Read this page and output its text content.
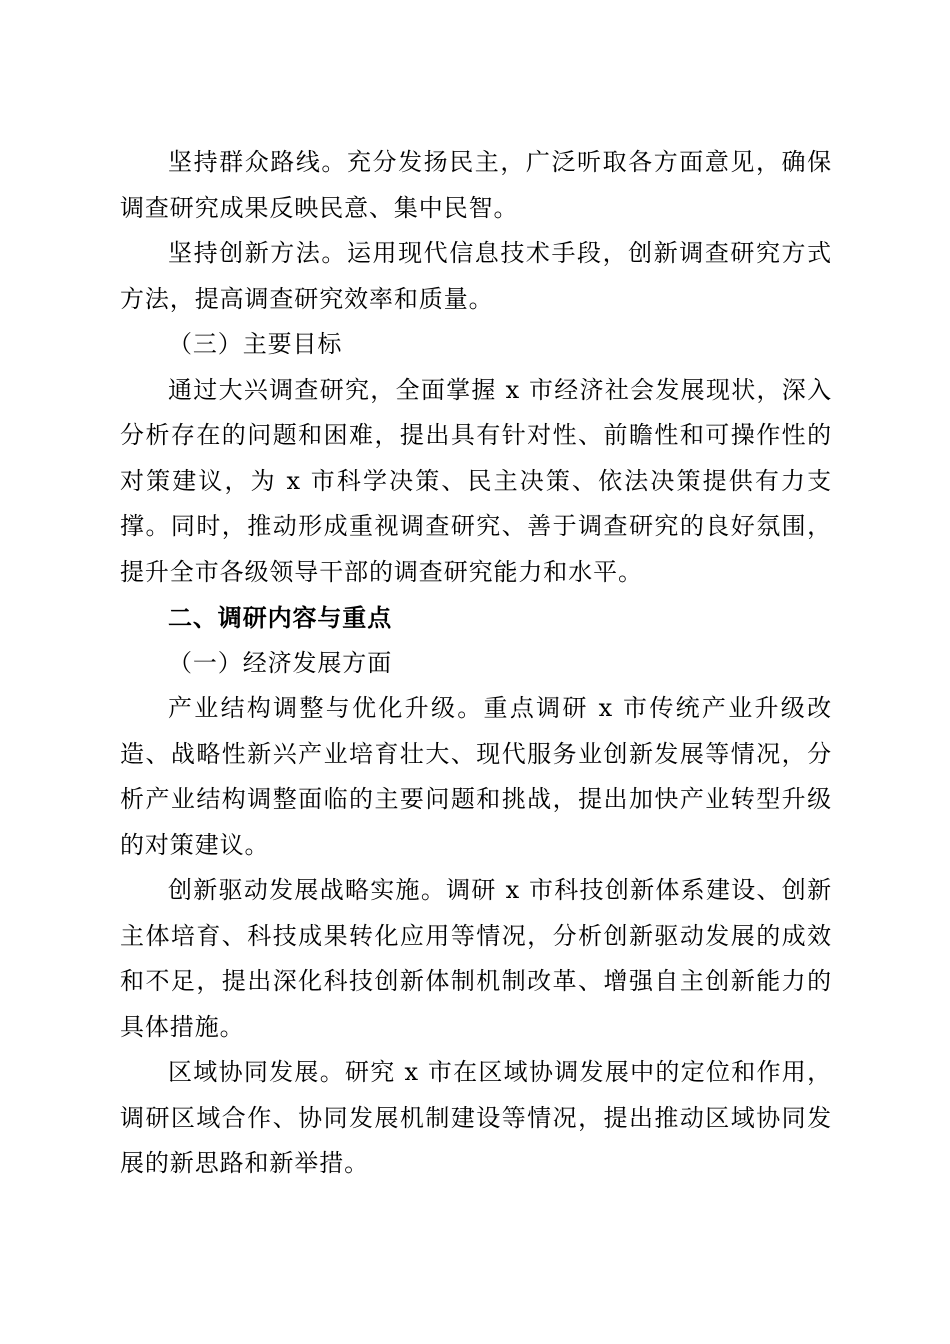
坚持群众路线。充分发扬民主，广泛听取各方面意见，确保调查研究成果反映民意、集中民智。

坚持创新方法。运用现代信息技术手段，创新调查研究方式方法，提高调查研究效率和质量。

（三）主要目标

通过大兴调查研究，全面掌握 x 市经济社会发展现状，深入分析存在的问题和困难，提出具有针对性、前瞻性和可操作性的对策建议，为 x 市科学决策、民主决策、依法决策提供有力支撑。同时，推动形成重视调查研究、善于调查研究的良好氛围，提升全市各级领导干部的调查研究能力和水平。

二、调研内容与重点

（一）经济发展方面

产业结构调整与优化升级。重点调研 x 市传统产业升级改造、战略性新兴产业培育壮大、现代服务业创新发展等情况，分析产业结构调整面临的主要问题和挑战，提出加快产业转型升级的对策建议。

创新驱动发展战略实施。调研 x 市科技创新体系建设、创新主体培育、科技成果转化应用等情况，分析创新驱动发展的成效和不足，提出深化科技创新体制机制改革、增强自主创新能力的具体措施。

区域协同发展。研究 x 市在区域协调发展中的定位和作用，调研区域合作、协同发展机制建设等情况，提出推动区域协同发展的新思路和新举措。
